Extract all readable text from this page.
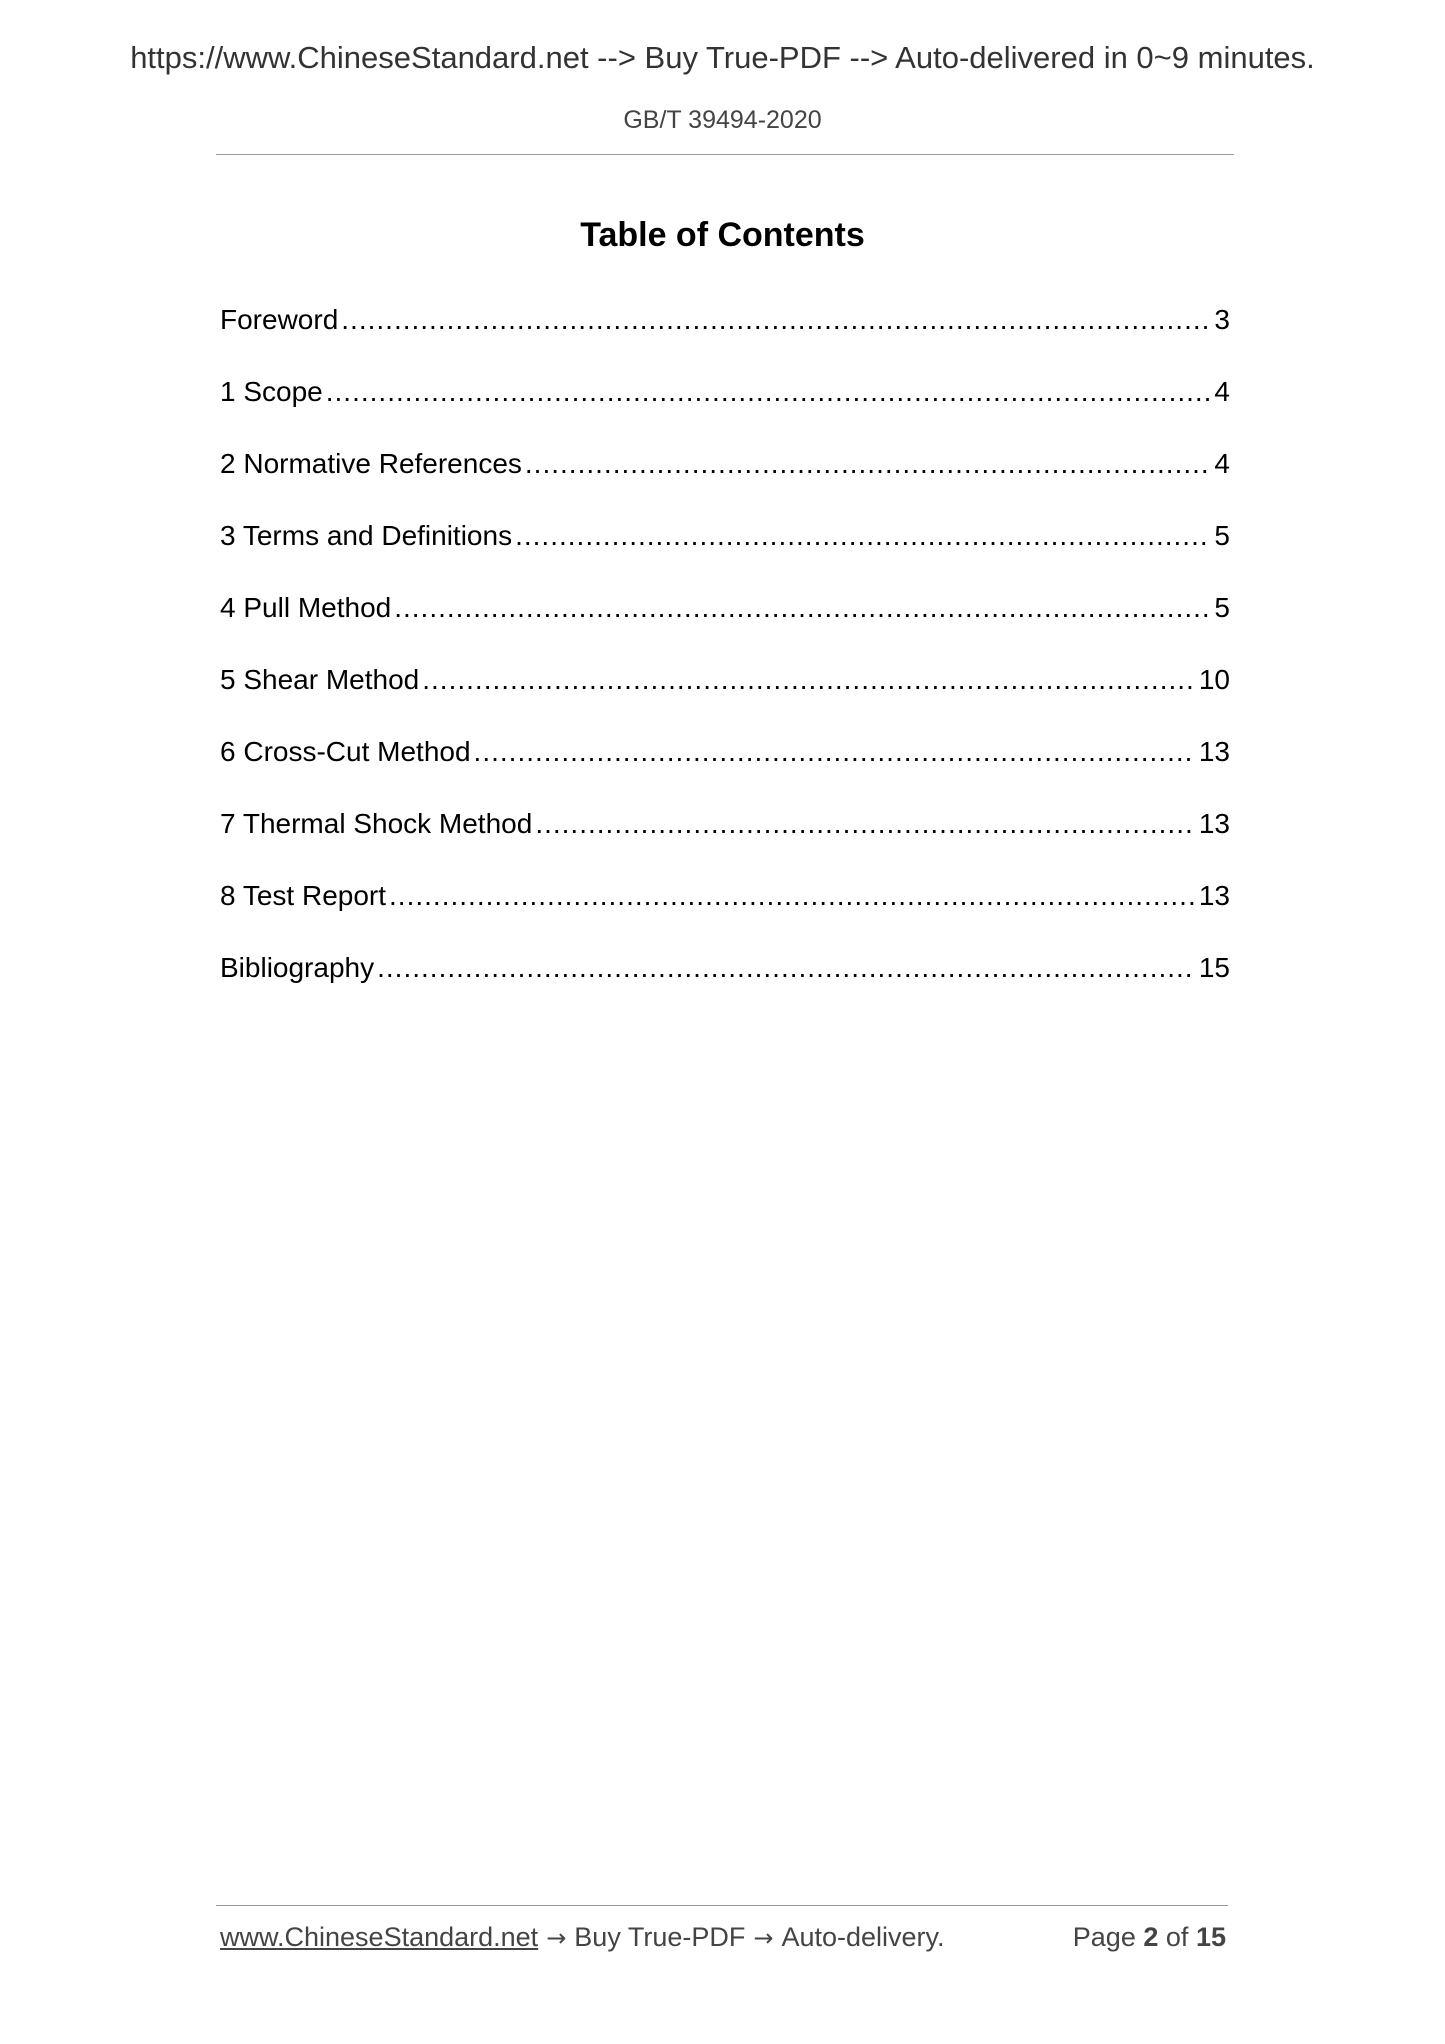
https://www.ChineseStandard.net --> Buy True-PDF --> Auto-delivered in 0~9 minutes.
GB/T 39494-2020
Table of Contents
Foreword .....	3
1 Scope .....	4
2 Normative References .....	4
3 Terms and Definitions .....	5
4 Pull Method .....	5
5 Shear Method .....	10
6 Cross-Cut Method .....	13
7 Thermal Shock Method .....	13
8 Test Report .....	13
Bibliography .....	15
www.ChineseStandard.net → Buy True-PDF → Auto-delivery.	Page 2 of 15
